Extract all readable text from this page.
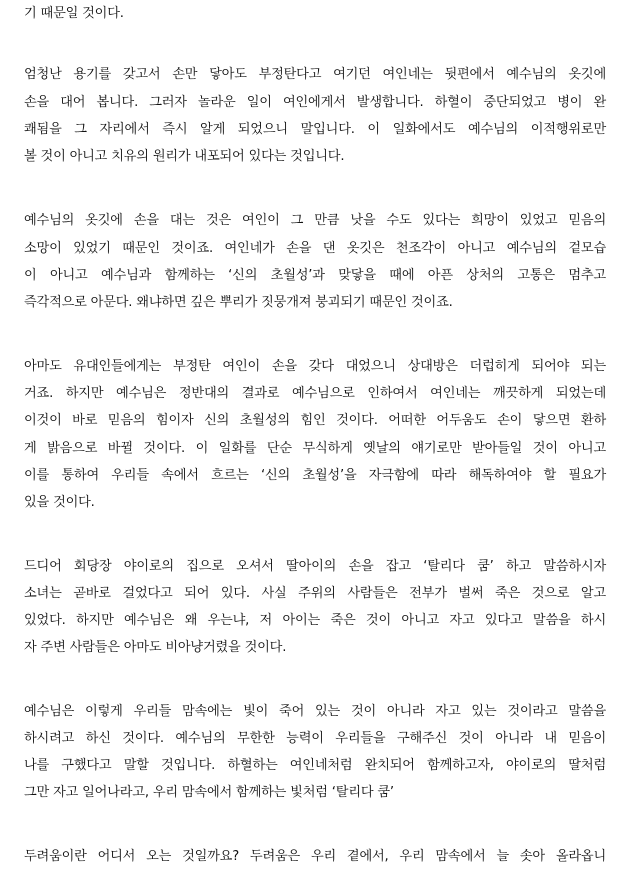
기 때문일 것이다.
엄청난 용기를 갖고서 손만 닿아도 부정탄다고 여기던 여인네는 뒷편에서 예수님의 옷깃에
손을 대어 봅니다. 그러자 놀라운 일이 여인에게서 발생합니다. 하혈이 중단되었고 병이 완
쾌됨을 그 자리에서 즉시 알게 되었으니 말입니다. 이 일화에서도 예수님의 이적행위로만
볼 것이 아니고 치유의 원리가 내포되어 있다는 것입니다.
예수님의 옷깃에 손을 대는 것은 여인이 그 만큼 낫을 수도 있다는 희망이 있었고 믿음의
소망이 있었기 때문인 것이죠. 여인네가 손을 댄 옷깃은 천조각이 아니고 예수님의 겉모습
이 아니고 예수님과 함께하는 ‘신의 초월성’과 맞닿을 때에 아픈 상처의 고통은 멈추고
즉각적으로 아문다. 왜냐하면 깊은 뿌리가 짓뭉개져 붕괴되기 때문인 것이죠.
아마도 유대인들에게는 부정탄 여인이 손을 갖다 대었으니 상대방은 더럽히게 되어야 되는
거죠. 하지만 예수님은 정반대의 결과로 예수님으로 인하여서 여인네는 깨끗하게 되었는데
이것이 바로 믿음의 힘이자 신의 초월성의 힘인 것이다. 어떠한 어두움도 손이 닿으면 환하
게 밝음으로 바뀔 것이다. 이 일화를 단순 무식하게 옛날의 얘기로만 받아들일 것이 아니고
이를 통하여 우리들 속에서 흐르는 ‘신의 초월성’을 자극함에 따라 해독하여야 할 필요가
있을 것이다.
드디어 회당장 야이로의 집으로 오셔서 딸아이의 손을 잡고 ‘탈리다 쿰’ 하고 말씀하시자
소녀는 곧바로 걸었다고 되어 있다. 사실 주위의 사람들은 전부가 벌써 죽은 것으로 알고
있었다. 하지만 예수님은 왜 우는냐, 저 아이는 죽은 것이 아니고 자고 있다고 말씀을 하시
자 주변 사람들은 아마도 비아냥거렸을 것이다.
예수님은 이렇게 우리들 맘속에는 빛이 죽어 있는 것이 아니라 자고 있는 것이라고 말씀을
하시려고 하신 것이다. 예수님의 무한한 능력이 우리들을 구해주신 것이 아니라 내 믿음이
나를 구했다고 말할 것입니다. 하혈하는 여인네처럼 완치되어 함께하고자, 야이로의 딸처럼
그만 자고 일어나라고, 우리 맘속에서 함께하는 빛처럼 ‘탈리다 쿰’
두려움이란 어디서 오는 것일까요? 두려움은 우리 곁에서, 우리 맘속에서 늘 솟아 올라옵니
